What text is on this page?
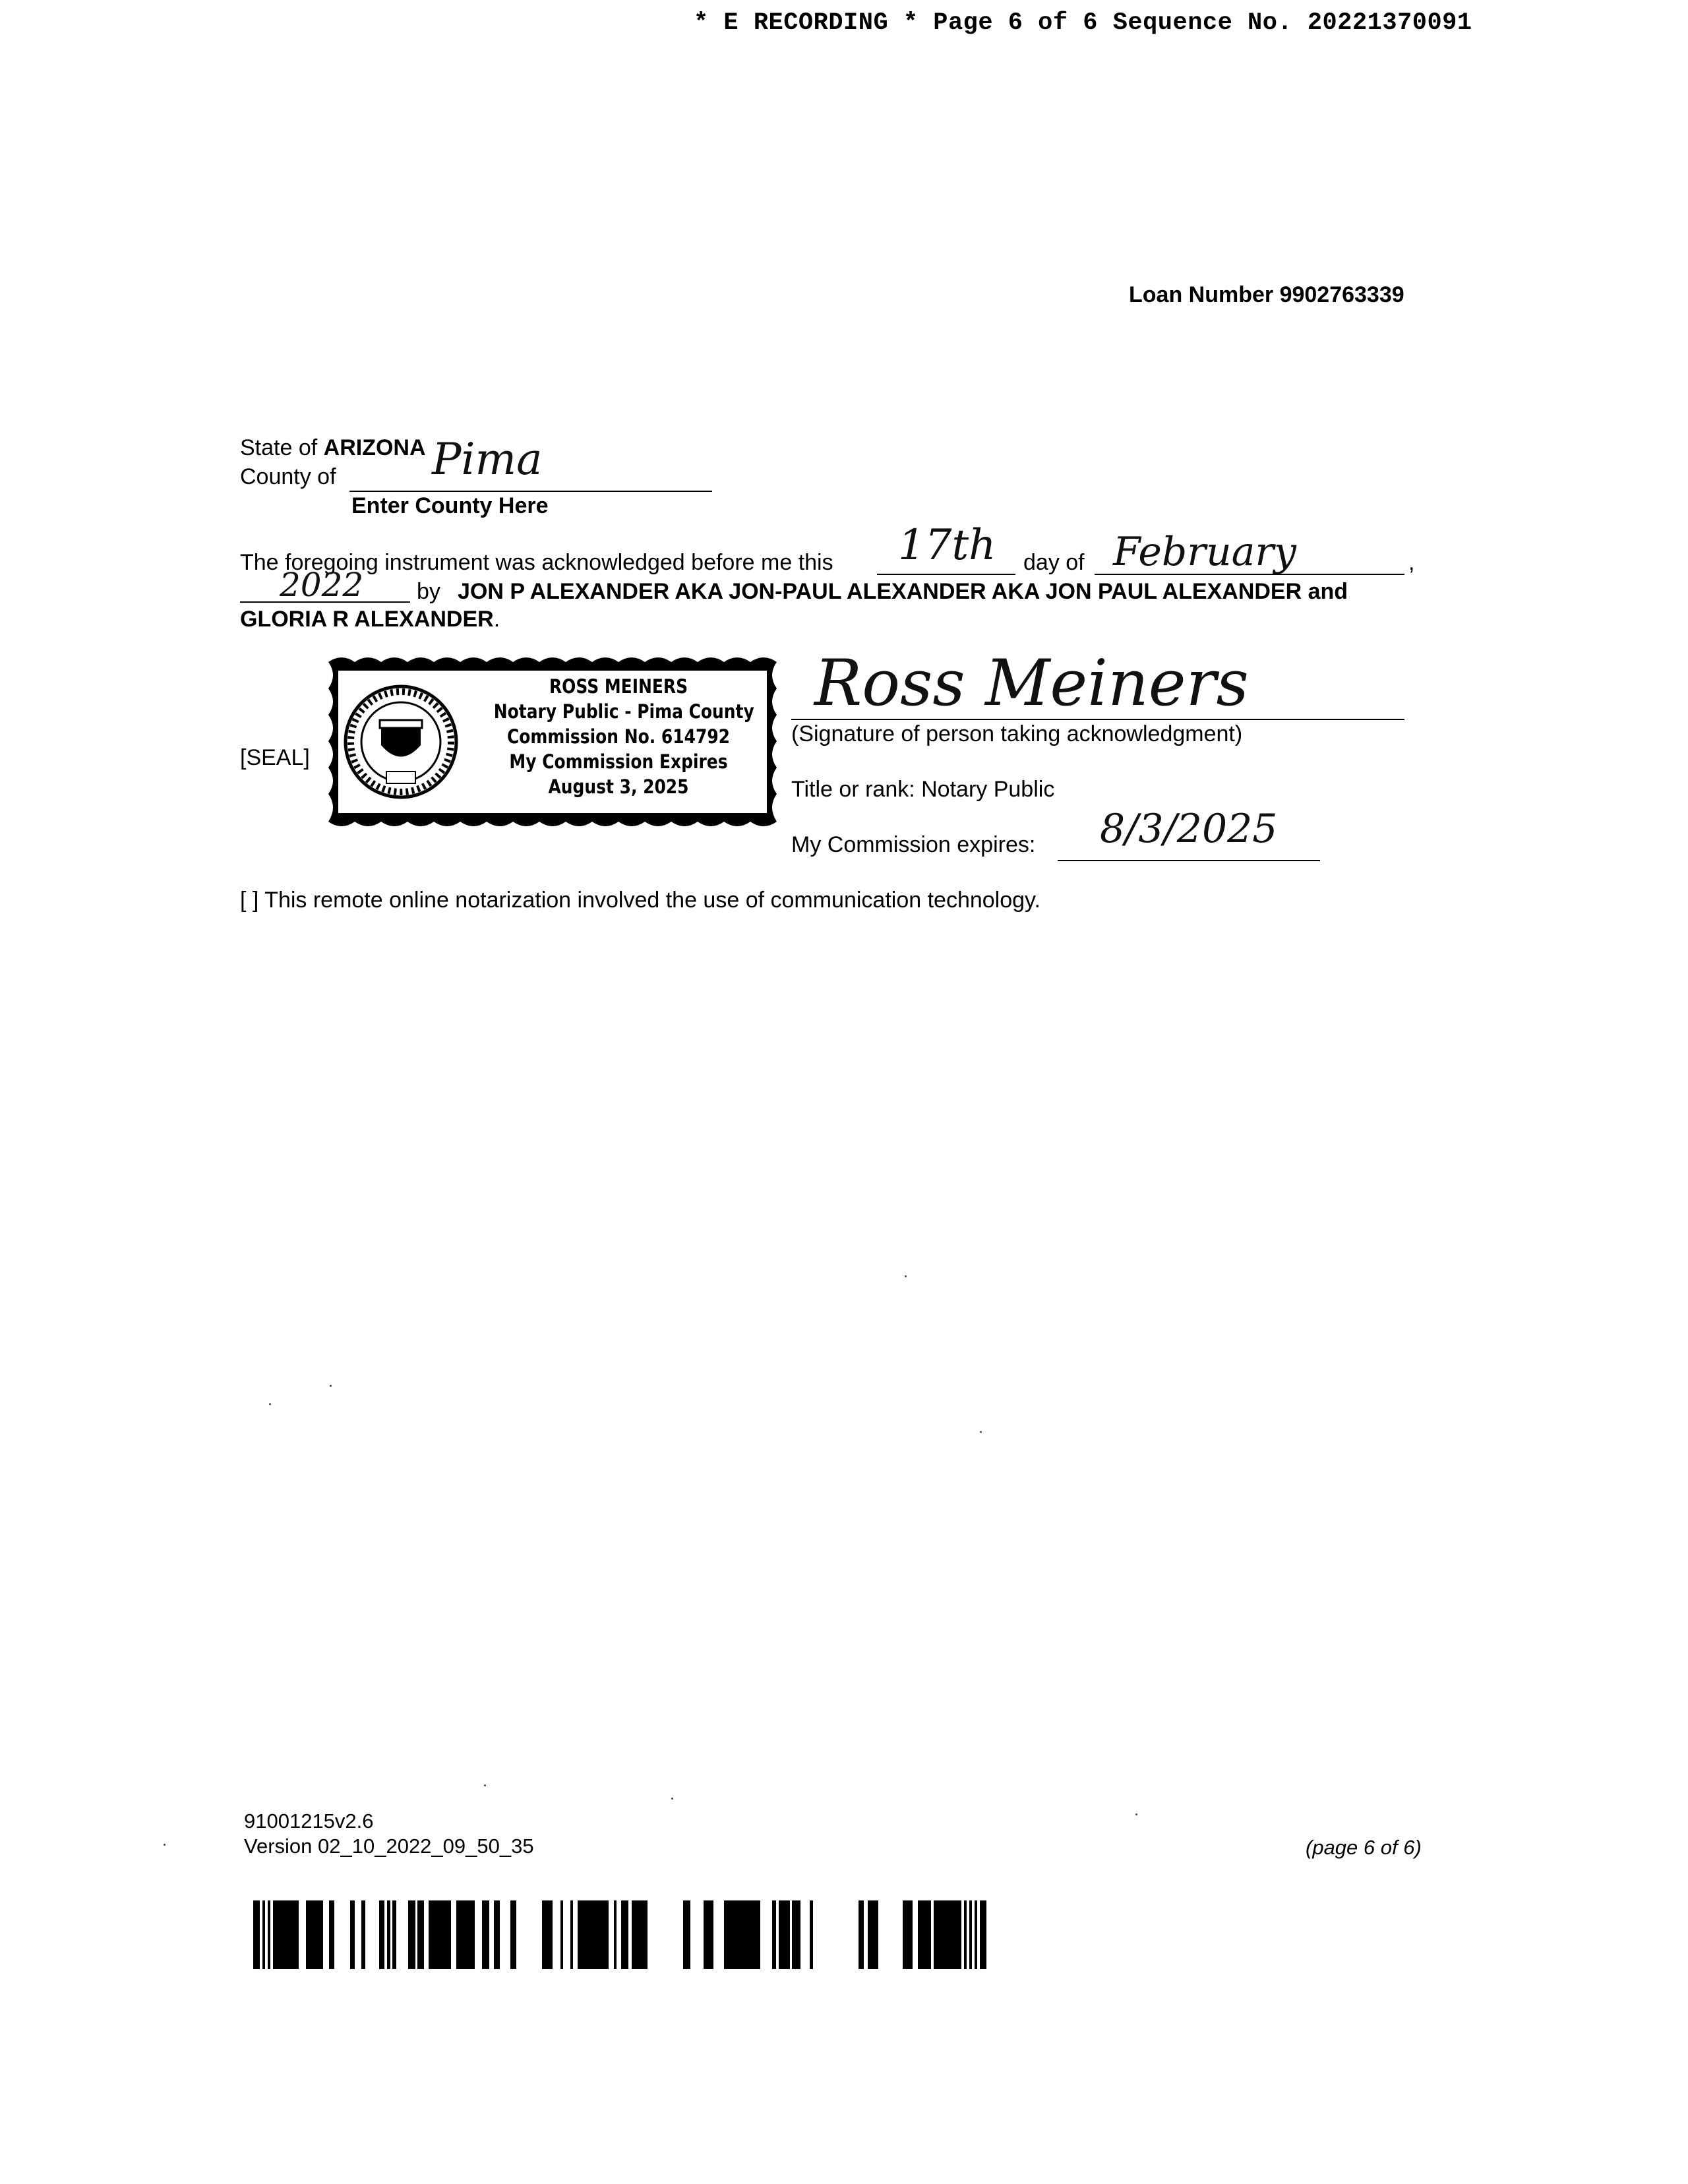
* E RECORDING * Page 6 of 6 Sequence No. 20221370091
Loan Number 9902763339
State of ARIZONA
County of Pima
Enter County Here
The foregoing instrument was acknowledged before me this 17th day of February	,
2022 by JON P ALEXANDER AKA JON-PAUL ALEXANDER AKA JON PAUL ALEXANDER and
GLORIA R ALEXANDER.
[SEAL]
ROSS MEINERS
Notary Public - Pima County
Commission No. 614792
My Commission Expires
August 3, 2025
Ross Meiners
(Signature of person taking acknowledgment)
Title or rank: Notary Public
My Commission expires: 8/3/2025
[ ] This remote online notarization involved the use of communication technology.
91001215v2.6
Version 02_10_2022_09_50_35	(page 6 of 6)
